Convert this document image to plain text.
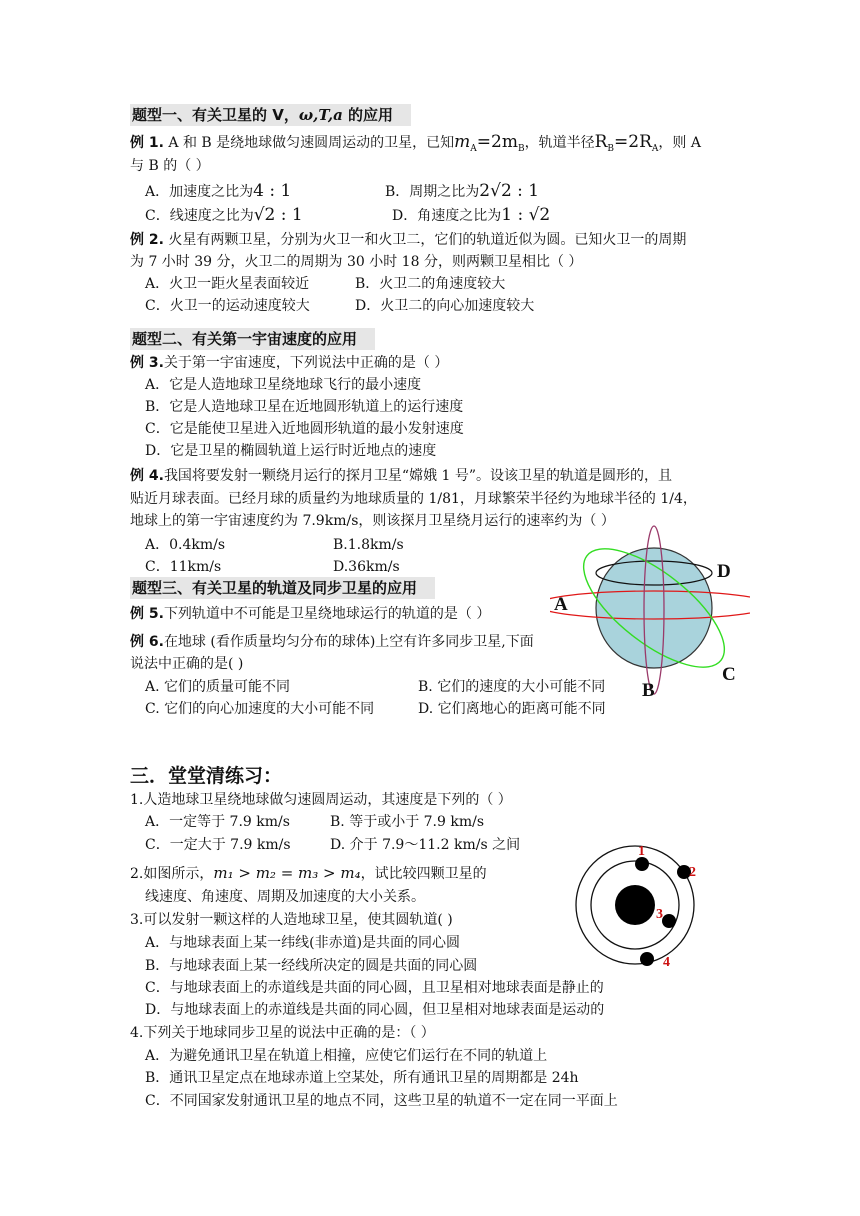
题型一、有关卫星的 V，ω,T,a 的应用
例 1. A 和 B 是绕地球做匀速圆周运动的卫星，已知$m_A=2m_B$，轨道半径$R_B=2R_A$，则 A
与 B 的（ ）
A．加速度之比为4 : 1	B．周期之比为2√2 : 1
C．线速度之比为√2 : 1	D．角速度之比为1 : √2
例 2. 火星有两颗卫星，分别为火卫一和火卫二，它们的轨道近似为圆。已知火卫一的周期
为 7 小时 39 分，火卫二的周期为 30 小时 18 分，则两颗卫星相比（ ）
A．火卫一距火星表面较近	B．火卫二的角速度较大
C．火卫一的运动速度较大	D．火卫二的向心加速度较大
题型二、有关第一宇宙速度的应用
例 3.关于第一宇宙速度，下列说法中正确的是（ ）
A．它是人造地球卫星绕地球飞行的最小速度
B．它是人造地球卫星在近地圆形轨道上的运行速度
C．它是能使卫星进入近地圆形轨道的最小发射速度
D．它是卫星的椭圆轨道上运行时近地点的速度
例 4.我国将要发射一颗绕月运行的探月卫星“嫦娥 1 号”。设该卫星的轨道是圆形的，且
贴近月球表面。已经月球的质量约为地球质量的 1/81，月球繁荣半径约为地球半径的 1/4，
地球上的第一宇宙速度约为 7.9km/s，则该探月卫星绕月运行的速率约为（ ）
A．0.4km/s	B.1.8km/s
C．11km/s	D.36km/s
题型三、有关卫星的轨道及同步卫星的应用
例 5.下列轨道中不可能是卫星绕地球运行的轨道的是（ ）
例 6.在地球 (看作质量均匀分布的球体)上空有许多同步卫星,下面
说法中正确的是( )
A. 它们的质量可能不同	B. 它们的速度的大小可能不同
C. 它们的向心加速度的大小可能不同	D. 它们离地心的距离可能不同
A
B
C
D
三．堂堂清练习：
1.人造地球卫星绕地球做匀速圆周运动，其速度是下列的（ ）
A．一定等于 7.9 km/s	B. 等于或小于 7.9 km/s
C．一定大于 7.9 km/s	D. 介于 7.9～11.2 km/s 之间
2.如图所示，m₁ > m₂ = m₃ > m₄，试比较四颗卫星的
线速度、角速度、周期及加速度的大小关系。
3.可以发射一颗这样的人造地球卫星，使其圆轨道( )
A．与地球表面上某一纬线(非赤道)是共面的同心圆
B．与地球表面上某一经线所决定的圆是共面的同心圆
C．与地球表面上的赤道线是共面的同心圆，且卫星相对地球表面是静止的
D．与地球表面上的赤道线是共面的同心圆，但卫星相对地球表面是运动的
4.下列关于地球同步卫星的说法中正确的是：（ ）
A．为避免通讯卫星在轨道上相撞，应使它们运行在不同的轨道上
B．通讯卫星定点在地球赤道上空某处，所有通讯卫星的周期都是 24h
C．不同国家发射通讯卫星的地点不同，这些卫星的轨道不一定在同一平面上
1
2
3
4
